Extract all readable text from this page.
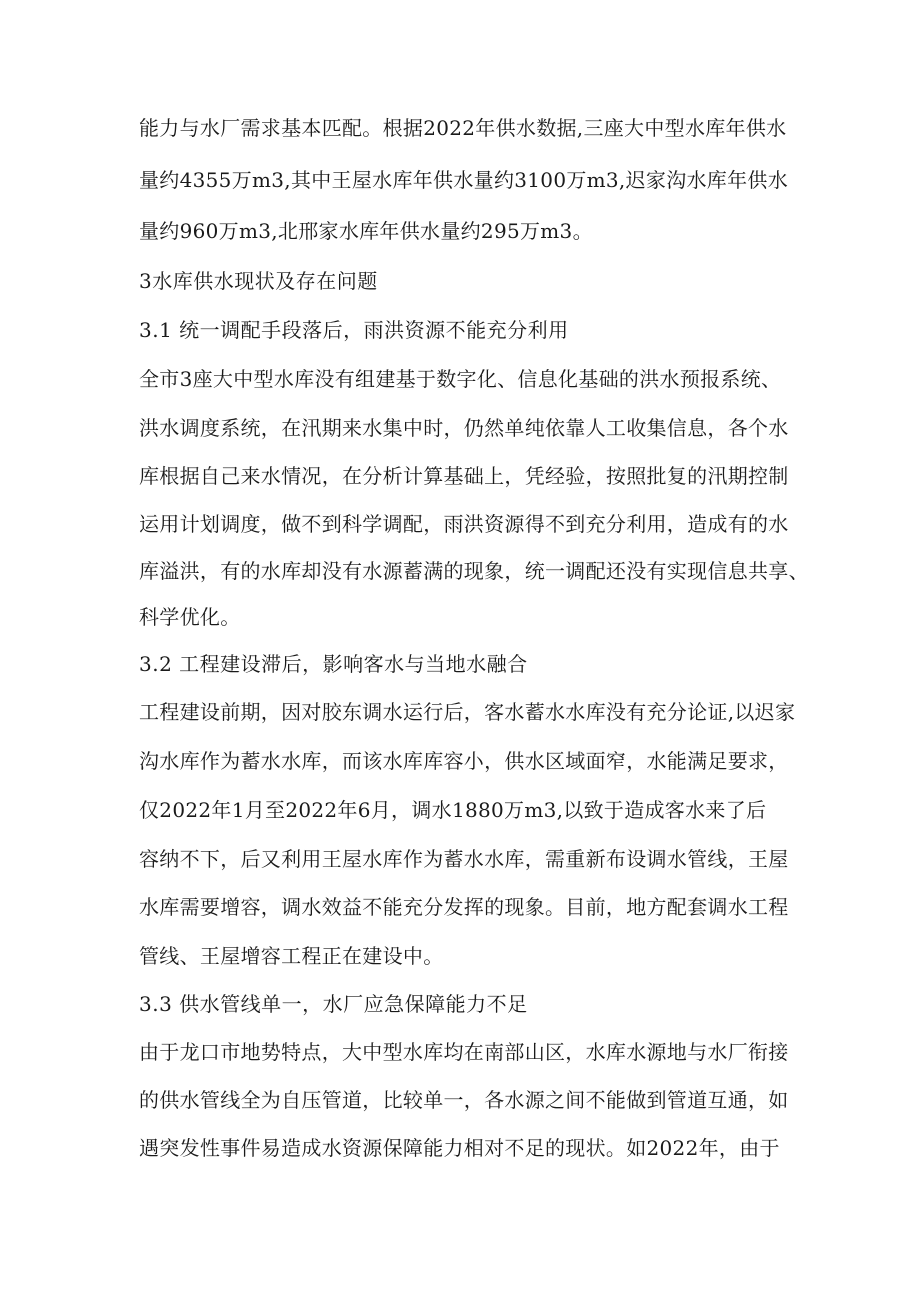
能力与水厂需求基本匹配。根据2022年供水数据,三座大中型水库年供水
量约4355万m3,其中王屋水库年供水量约3100万m3,迟家沟水库年供水
量约960万m3,北邢家水库年供水量约295万m3。
3水库供水现状及存在问题
3.1 统一调配手段落后，雨洪资源不能充分利用
全市3座大中型水库没有组建基于数字化、信息化基础的洪水预报系统、
洪水调度系统，在汛期来水集中时，仍然单纯依靠人工收集信息，各个水
库根据自己来水情况，在分析计算基础上，凭经验，按照批复的汛期控制
运用计划调度，做不到科学调配，雨洪资源得不到充分利用，造成有的水
库溢洪，有的水库却没有水源蓄满的现象，统一调配还没有实现信息共享、
科学优化。
3.2 工程建设滞后，影响客水与当地水融合
工程建设前期，因对胶东调水运行后，客水蓄水水库没有充分论证,以迟家
沟水库作为蓄水水库，而该水库库容小，供水区域面窄，水能满足要求，
仅2022年1月至2022年6月，调水1880万m3,以致于造成客水来了后
容纳不下，后又利用王屋水库作为蓄水水库，需重新布设调水管线，王屋
水库需要增容，调水效益不能充分发挥的现象。目前，地方配套调水工程
管线、王屋增容工程正在建设中。
3.3 供水管线单一，水厂应急保障能力不足
由于龙口市地势特点，大中型水库均在南部山区，水库水源地与水厂衔接
的供水管线全为自压管道，比较单一，各水源之间不能做到管道互通，如
遇突发性事件易造成水资源保障能力相对不足的现状。如2022年，由于
